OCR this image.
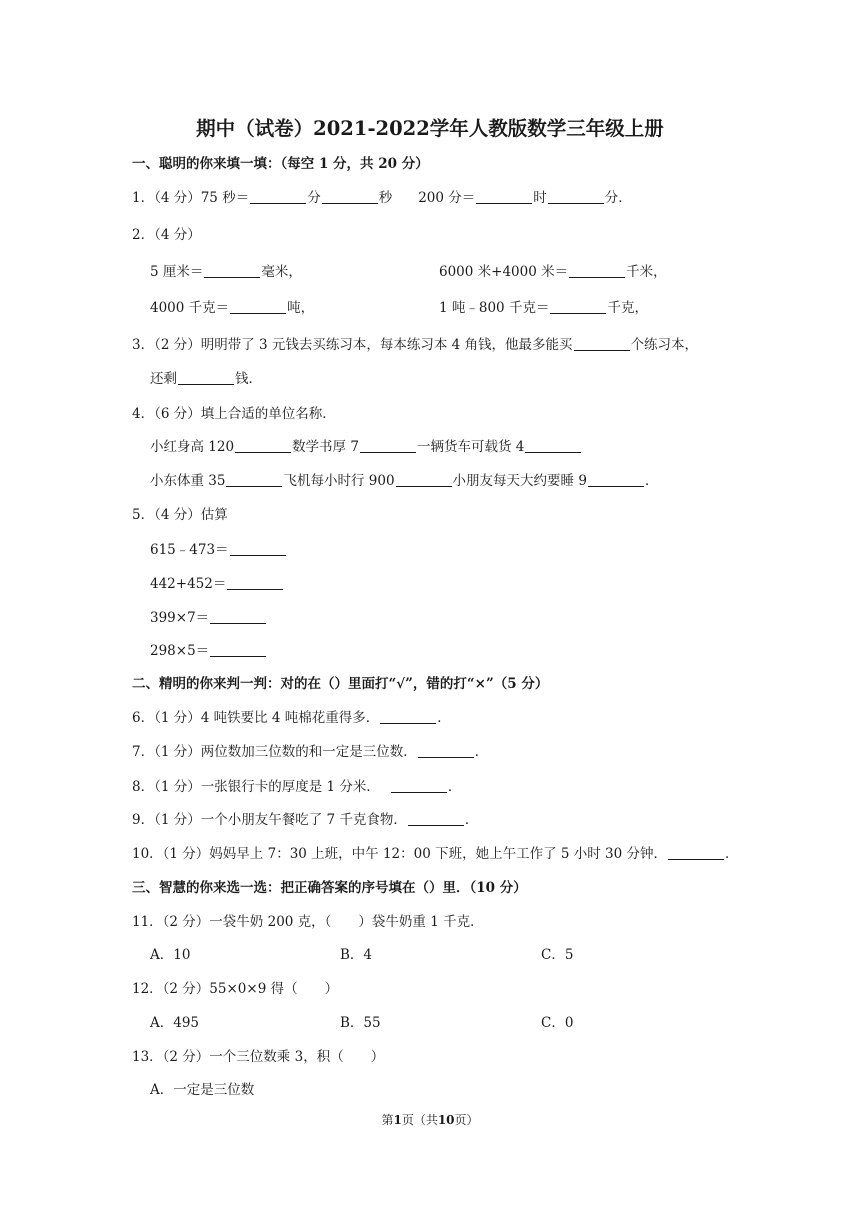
期中（试卷）2021-2022学年人教版数学三年级上册
一、聪明的你来填一填：（每空 1 分，共 20 分）
1．（4 分）75 秒＝	分	秒 200 分＝	时	分．
2．（4 分）
5 厘米＝	毫米，	6000 米+4000 米＝	千米，
4000 千克＝	吨，	1 吨﹣800 千克＝	千克，
3．（2 分）明明带了 3 元钱去买练习本，每本练习本 4 角钱，他最多能买	个练习本，
还剩	钱．
4．（6 分）填上合适的单位名称．
小红身高 120	数学书厚 7	一辆货车可载货 4
小东体重 35	飞机每小时行 900	小朋友每天大约要睡 9	．
5．（4 分）估算
615﹣473＝
442+452＝
399×7＝
298×5＝
二、精明的你来判一判：对的在（）里面打“√”，错的打“×”（5 分）
6．（1 分）4 吨铁要比 4 吨棉花重得多．	．
7．（1 分）两位数加三位数的和一定是三位数．	．
8．（1 分）一张银行卡的厚度是 1 分米．	．
9．（1 分）一个小朋友午餐吃了 7 千克食物．	．
10．（1 分）妈妈早上 7：30 上班，中午 12：00 下班，她上午工作了 5 小时 30 分钟．	．
三、智慧的你来选一选：把正确答案的序号填在（）里．（10 分）
11．（2 分）一袋牛奶 200 克，（　　）袋牛奶重 1 千克．
A．10	B．4	C．5
12．（2 分）55×0×9 得（　　）
A．495	B．55	C．0
13．（2 分）一个三位数乘 3，积（　　）
A．一定是三位数
第1页（共10页）
